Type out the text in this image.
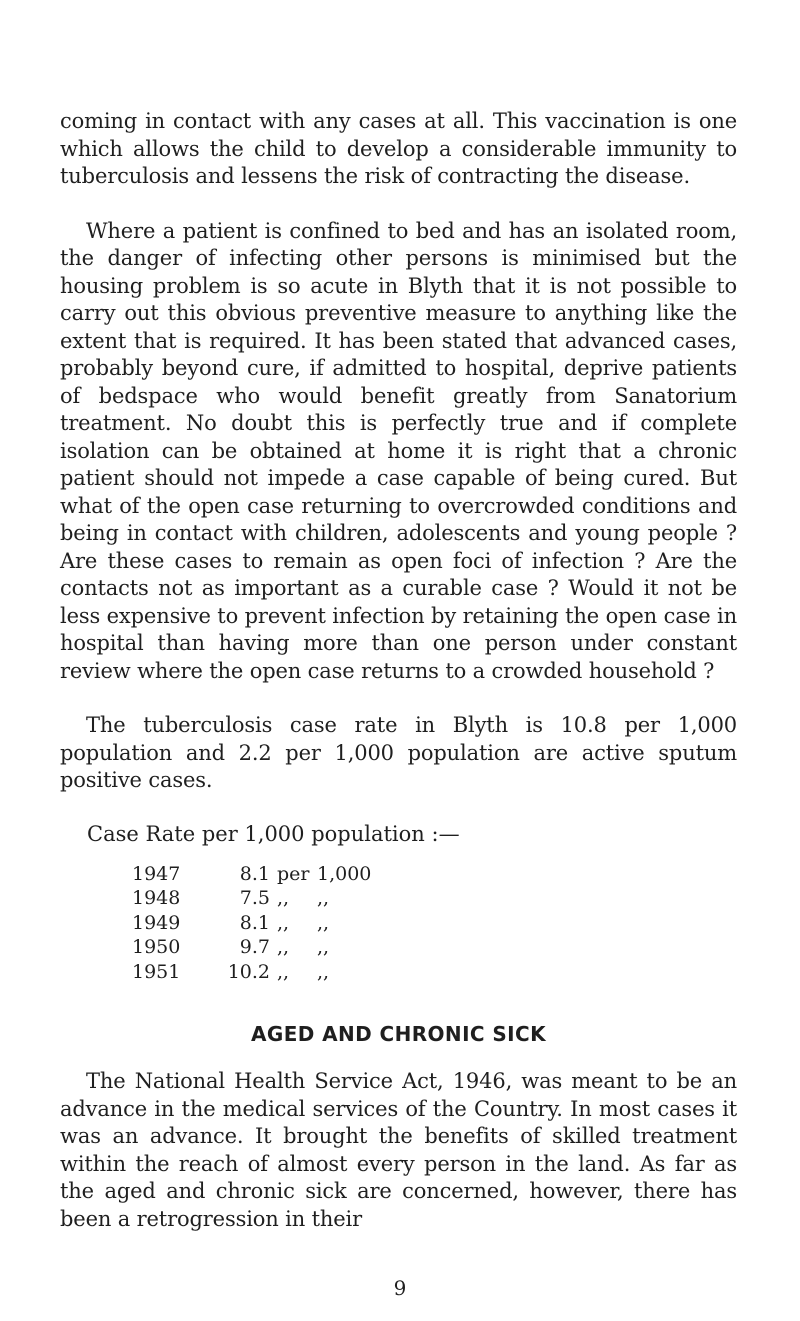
coming in contact with any cases at all. This vaccination is one which allows the child to develop a considerable immunity to tuberculosis and lessens the risk of contracting the disease.

Where a patient is confined to bed and has an isolated room, the danger of infecting other persons is minimised but the housing problem is so acute in Blyth that it is not possible to carry out this obvious preventive measure to anything like the extent that is required. It has been stated that advanced cases, probably beyond cure, if admitted to hospital, deprive patients of bedspace who would benefit greatly from Sanatorium treatment. No doubt this is perfectly true and if complete isolation can be obtained at home it is right that a chronic patient should not impede a case capable of being cured. But what of the open case returning to overcrowded conditions and being in contact with children, adolescents and young people ? Are these cases to remain as open foci of infection ? Are the contacts not as important as a curable case ? Would it not be less expensive to prevent infection by retaining the open case in hospital than having more than one person under constant review where the open case returns to a crowded household ?

The tuberculosis case rate in Blyth is 10.8 per 1,000 population and 2.2 per 1,000 population are active sputum positive cases.

Case Rate per 1,000 population :—

1947	8.1 per 1,000
1948	7.5 ,,	,,
1949	8.1 ,,	,,
1950	9.7 ,,	,,
1951	10.2 ,,	,,
AGED AND CHRONIC SICK

The National Health Service Act, 1946, was meant to be an advance in the medical services of the Country. In most cases it was an advance. It brought the benefits of skilled treatment within the reach of almost every person in the land. As far as the aged and chronic sick are concerned, however, there has been a retrogression in their

9
